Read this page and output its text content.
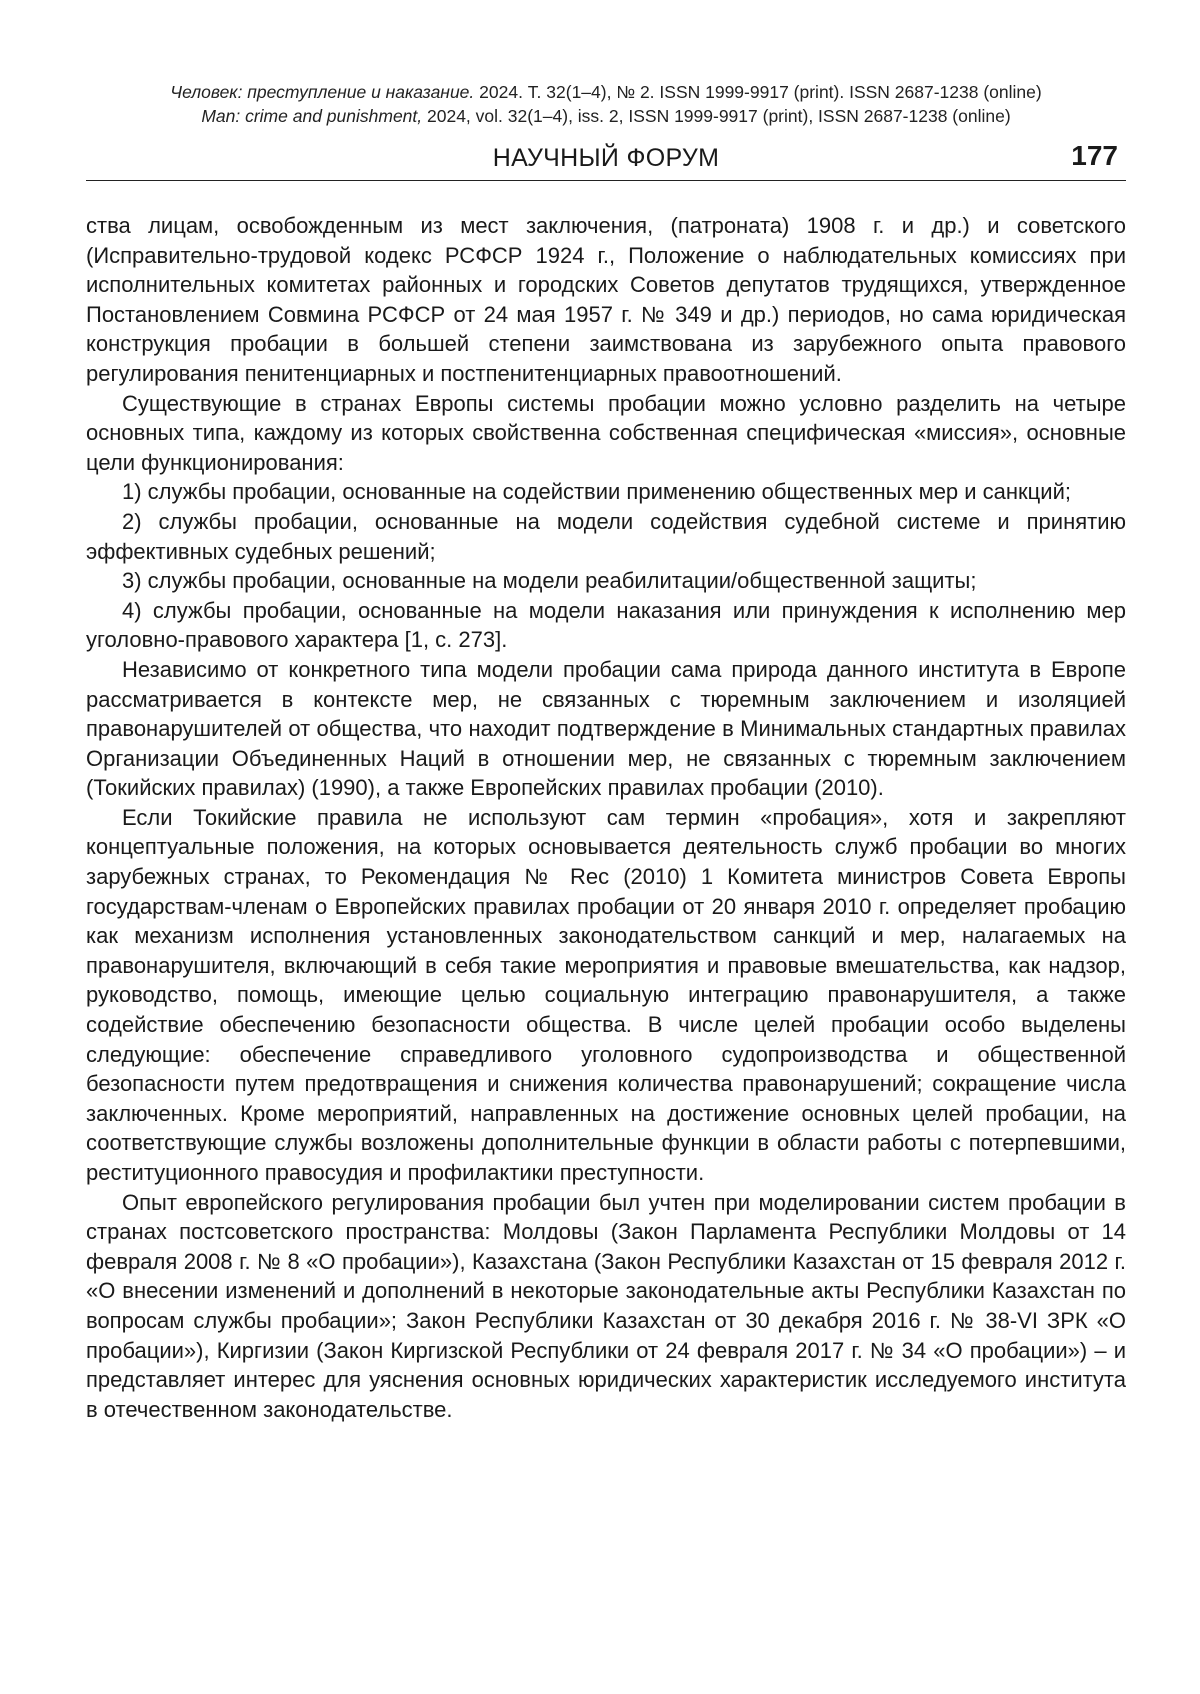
Человек: преступление и наказание. 2024. Т. 32(1–4), № 2. ISSN 1999-9917 (print). ISSN 2687-1238 (online)
Man: crime and punishment, 2024, vol. 32(1–4), iss. 2, ISSN 1999-9917 (print), ISSN 2687-1238 (online)
НАУЧНЫЙ ФОРУМ	177

ства лицам, освобожденным из мест заключения, (патроната) 1908 г. и др.) и советского (Исправительно-трудовой кодекс РСФСР 1924 г., Положение о наблюдательных комиссиях при исполнительных комитетах районных и городских Советов депутатов трудящихся, утвержденное Постановлением Совмина РСФСР от 24 мая 1957 г. № 349 и др.) периодов, но сама юридическая конструкция пробации в большей степени заимствована из зарубежного опыта правового регулирования пенитенциарных и постпенитенциарных правоотношений.

Существующие в странах Европы системы пробации можно условно разделить на четыре основных типа, каждому из которых свойственна собственная специфическая «миссия», основные цели функционирования:

1) службы пробации, основанные на содействии применению общественных мер и санкций;

2) службы пробации, основанные на модели содействия судебной системе и принятию эффективных судебных решений;

3) службы пробации, основанные на модели реабилитации/общественной защиты;

4) службы пробации, основанные на модели наказания или принуждения к исполнению мер уголовно-правового характера [1, с. 273].

Независимо от конкретного типа модели пробации сама природа данного института в Европе рассматривается в контексте мер, не связанных с тюремным заключением и изоляцией правонарушителей от общества, что находит подтверждение в Минимальных стандартных правилах Организации Объединенных Наций в отношении мер, не связанных с тюремным заключением (Токийских правилах) (1990), а также Европейских правилах пробации (2010).

Если Токийские правила не используют сам термин «пробация», хотя и закрепляют концептуальные положения, на которых основывается деятельность служб пробации во многих зарубежных странах, то Рекомендация № Rec (2010) 1 Комитета министров Совета Европы государствам-членам о Европейских правилах пробации от 20 января 2010 г. определяет пробацию как механизм исполнения установленных законодательством санкций и мер, налагаемых на правонарушителя, включающий в себя такие мероприятия и правовые вмешательства, как надзор, руководство, помощь, имеющие целью социальную интеграцию правонарушителя, а также содействие обеспечению безопасности общества. В числе целей пробации особо выделены следующие: обеспечение справедливого уголовного судопроизводства и общественной безопасности путем предотвращения и снижения количества правонарушений; сокращение числа заключенных. Кроме мероприятий, направленных на достижение основных целей пробации, на соответствующие службы возложены дополнительные функции в области работы с потерпевшими, реституционного правосудия и профилактики преступности.

Опыт европейского регулирования пробации был учтен при моделировании систем пробации в странах постсоветского пространства: Молдовы (Закон Парламента Республики Молдовы от 14 февраля 2008 г. № 8 «О пробации»), Казахстана (Закон Республики Казахстан от 15 февраля 2012 г. «О внесении изменений и дополнений в некоторые законодательные акты Республики Казахстан по вопросам службы пробации»; Закон Республики Казахстан от 30 декабря 2016 г. № 38-VI ЗРК «О пробации»), Киргизии (Закон Киргизской Республики от 24 февраля 2017 г. № 34 «О пробации») – и представляет интерес для уяснения основных юридических характеристик исследуемого института в отечественном законодательстве.
